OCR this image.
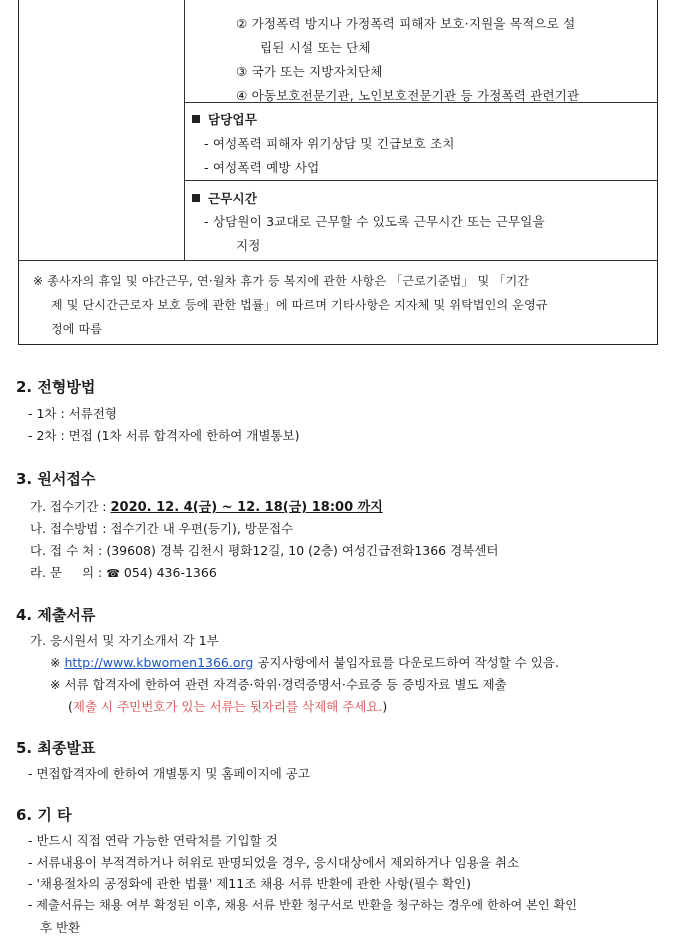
② 가정폭력 방지나 가정폭력 피해자 보호·지원을 목적으로 설
립된 시설 또는 단체
③ 국가 또는 지방자치단체
④ 아동보호전문기관, 노인보호전문기관 등 가정폭력 관련기관
담당업무
- 여성폭력 피해자 위기상담 및 긴급보호 조치
- 여성폭력 예방 사업
근무시간
- 상담원이 3교대로 근무할 수 있도록 근무시간 또는 근무일을
지정
※ 종사자의 휴일 및 야간근무, 연·월차 휴가 등 복지에 관한 사항은 「근로기준법」 및 「기간
제 및 단시간근로자 보호 등에 관한 법률」에 따르며 기타사항은 지자체 및 위탁법인의 운영규
정에 따름
2. 전형방법
- 1차 : 서류전형
- 2차 : 면접 (1차 서류 합격자에 한하여 개별통보)
3. 원서접수
가. 접수기간 : 2020. 12. 4(금) ~ 12. 18(금) 18:00 까지
나. 접수방법 : 접수기간 내 우편(등기), 방문접수
다. 접 수 처 : (39608) 경북 김천시 평화12길, 10 (2층) 여성긴급전화1366 경북센터
라. 문     의 : ☎ 054) 436-1366
4. 제출서류
가. 응시원서 및 자기소개서 각 1부
※ http://www.kbwomen1366.org 공지사항에서 붙임자료를 다운로드하여 작성할 수 있음.
※ 서류 합격자에 한하여 관련 자격증·학위·경력증명서·수료증 등 증빙자료 별도 제출
(제출 시 주민번호가 있는 서류는 뒷자리를 삭제해 주세요.)
5. 최종발표
- 면접합격자에 한하여 개별통지 및 홈페이지에 공고
6. 기 타
- 반드시 직접 연락 가능한 연락처를 기입할 것
- 서류내용이 부적격하거나 허위로 판명되었을 경우, 응시대상에서 제외하거나 임용을 취소
- '채용절차의 공정화에 관한 법률' 제11조 채용 서류 반환에 관한 사항(필수 확인)
- 제출서류는 채용 여부 확정된 이후, 채용 서류 반환 청구서로 반환을 청구하는 경우에 한하여 본인 확인
후 반환
